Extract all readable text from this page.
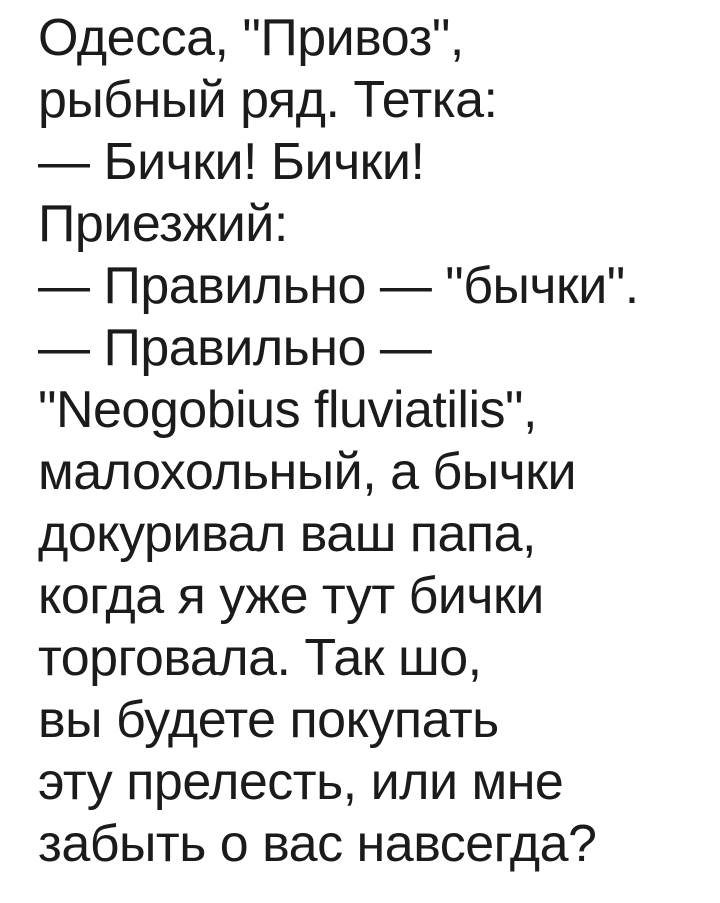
Одесса, "Привоз",
рыбный ряд. Тетка:
— Бички! Бички!
Приезжий:
— Правильно — "бычки".
— Правильно —
"Neogobius fluviatilis",
малохольный, а бычки
докуривал ваш папа,
когда я уже тут бички
торговала. Так шо,
вы будете покупать
эту прелесть, или мне
забыть о вас навсегда?
